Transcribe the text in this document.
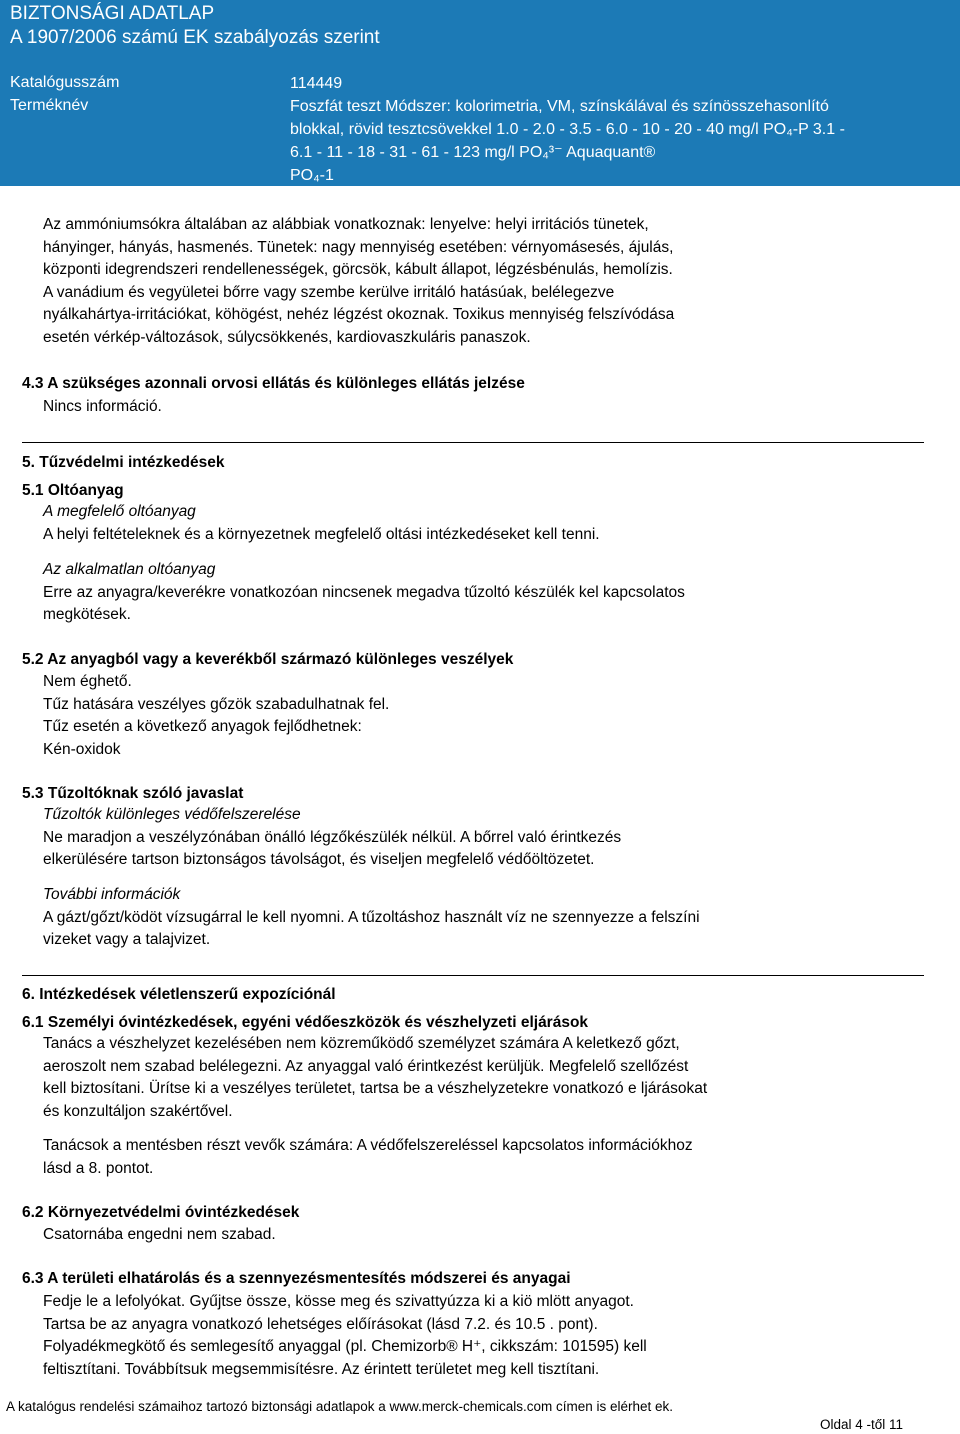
BIZTONSÁGI ADATLAP
A 1907/2006 számú EK szabályozás szerint
Katalógusszám	114449
Terméknév	Foszfát teszt Módszer: kolorimetria, VM, színskálával és színösszehasonlító
blokkal, rövid tesztcsövekkel 1.0 - 2.0 - 3.5 - 6.0 - 10 - 20 - 40 mg/l PO₄-P 3.1 -
6.1 - 11 - 18 - 31 - 61 - 123 mg/l PO₄³⁻ Aquaquant®
PO₄-1
Az ammóniumsókra általában az alábbiak vonatkoznak: lenyelve: helyi irritációs tünetek,
hányinger, hányás, hasmenés. Tünetek: nagy mennyiség esetében: vérnyomásesés, ájulás,
központi idegrendszeri rendellenességek, görcsök, kábult állapot, légzésbénulás, hemolízis.
A vanádium és vegyületei bőrre vagy szembe kerülve irritáló hatásúak, belélegezve
nyálkahártya-irritációkat, köhögést, nehéz légzést okoznak. Toxikus mennyiség felszívódása
esetén vérkép-változások, súlycsökkenés, kardiovaszkuláris panaszok.
4.3 A szükséges azonnali orvosi ellátás és különleges ellátás jelzése
Nincs információ.
5. Tűzvédelmi intézkedések
5.1 Oltóanyag
A megfelelő oltóanyag
A helyi feltételeknek és a környezetnek megfelelő oltási intézkedéseket kell tenni.
Az alkalmatlan oltóanyag
Erre az anyagra/keverékre vonatkozóan nincsenek megadva tűzoltó készülék kel kapcsolatos
megkötések.
5.2 Az anyagból vagy a keverékből származó különleges veszélyek
Nem éghető.
Tűz hatására veszélyes gőzök szabadulhatnak fel.
Tűz esetén a következő anyagok fejlődhetnek:
Kén-oxidok
5.3 Tűzoltóknak szóló javaslat
Tűzoltók különleges védőfelszerelése
Ne maradjon a veszélyzónában önálló légzőkészülék nélkül. A bőrrel való érintkezés
elkerülésére tartson biztonságos távolságot, és viseljen megfelelő védőöltözetet.
További információk
A gázt/gőzt/ködöt vízsugárral le kell nyomni. A tűzoltáshoz használt víz ne szennyezze a felszíni
vizeket vagy a talajvizet.
6. Intézkedések véletlenszerű expozíciónál
6.1 Személyi óvintézkedések, egyéni védőeszközök és vészhelyzeti eljárások
Tanács a vészhelyzet kezelésében nem közreműködő személyzet számára A keletkező gőzt,
aeroszolt nem szabad belélegezni. Az anyaggal való érintkezést kerüljük. Megfelelő szellőzést
kell biztosítani. Ürítse ki a veszélyes területet, tartsa be a vészhelyzetekre vonatkozó e ljárásokat
és konzultáljon szakértővel.
Tanácsok a mentésben részt vevők számára: A védőfelszereléssel kapcsolatos információkhoz
lásd a 8. pontot.
6.2 Környezetvédelmi óvintézkedések
Csatornába engedni nem szabad.
6.3 A területi elhatárolás és a szennyezésmentesítés módszerei és anyagai
Fedje le a lefolyókat. Gyűjtse össze, kösse meg és szivattyúzza ki a kiö mlött anyagot.
Tartsa be az anyagra vonatkozó lehetséges előírásokat (lásd 7.2. és 10.5 . pont).
Folyadékmegkötő és semlegesítő anyaggal (pl. Chemizorb® H⁺, cikkszám: 101595) kell
feltisztítani. Továbbítsuk megsemmisítésre. Az érintett területet meg kell tisztítani.
A katalógus rendelési számaihoz tartozó biztonsági adatlapok a www.merck-chemicals.com címen is elérhet ek.
Oldal 4 -től 11
